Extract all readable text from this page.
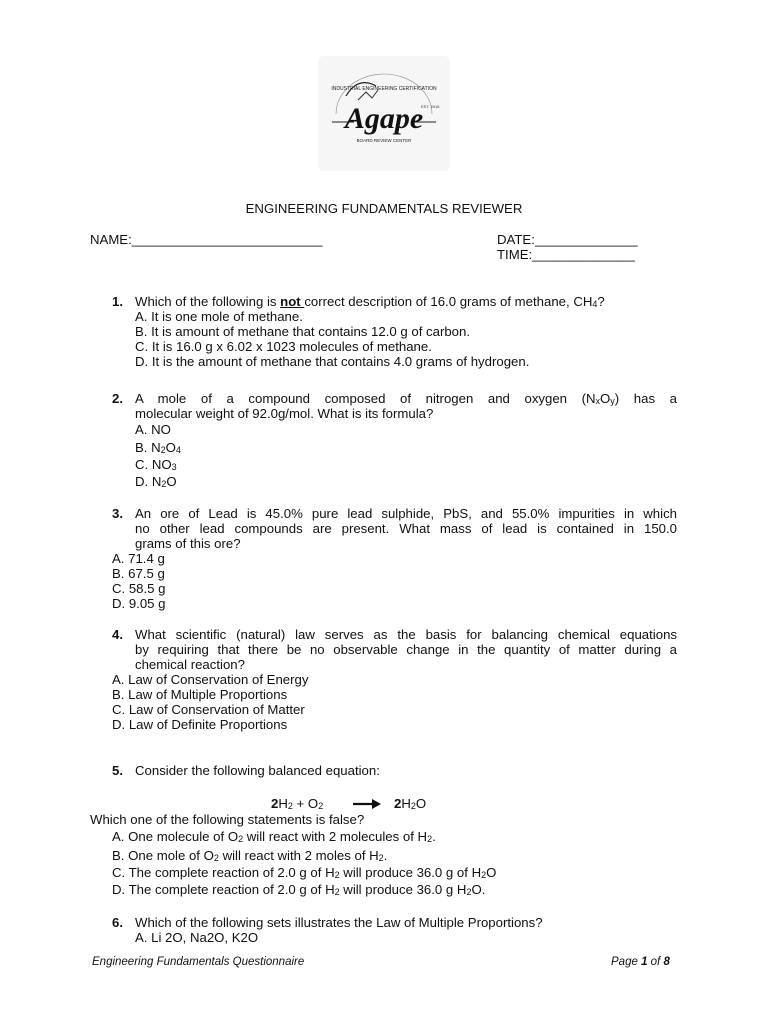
INDUSTRIAL ENGINEERING CERTIFICATION
Agape
EST. 2016
BOARD REVIEW CENTER
ENGINEERING FUNDAMENTALS REVIEWER
NAME:__________________________	DATE:______________
TIME:______________
1. Which of the following is not correct description of 16.0 grams of methane, $CH_4$?
A. It is one mole of methane.
B. It is amount of methane that contains 12.0 g of carbon.
C. It is 16.0 g x 6.02 x 1023 molecules of methane.
D. It is the amount of methane that contains 4.0 grams of hydrogen.
2. A mole of a compound composed of nitrogen and oxygen $(N_xO_y)$ has a
molecular weight of 92.0g/mol. What is its formula?
A. NO
B. $N_2O_4$
C. $NO_3$
D. $N_2O$
3. An ore of Lead is 45.0% pure lead sulphide, PbS, and 55.0% impurities in which
no other lead compounds are present. What mass of lead is contained in 150.0
grams of this ore?
A. 71.4 g
B. 67.5 g
C. 58.5 g
D. 9.05 g
4. What scientific (natural) law serves as the basis for balancing chemical equations
by requiring that there be no observable change in the quantity of matter during a
chemical reaction?
A. Law of Conservation of Energy
B. Law of Multiple Proportions
C. Law of Conservation of Matter
D. Law of Definite Proportions
5. Consider the following balanced equation:
$2H_2 + O_2 \to 2H_2O$
Which one of the following statements is false?
A. One molecule of $O_2$ will react with 2 molecules of $H_2$.
B. One mole of $O_2$ will react with 2 moles of $H_2$.
C. The complete reaction of 2.0 g of $H_2$ will produce 36.0 g of $H_2O$
D. The complete reaction of 2.0 g of $H_2$ will produce 36.0 g $H_2O$.
6. Which of the following sets illustrates the Law of Multiple Proportions?
A. Li 2O, Na2O, K2O
Engineering Fundamentals Questionnaire	Page 1 of 8
